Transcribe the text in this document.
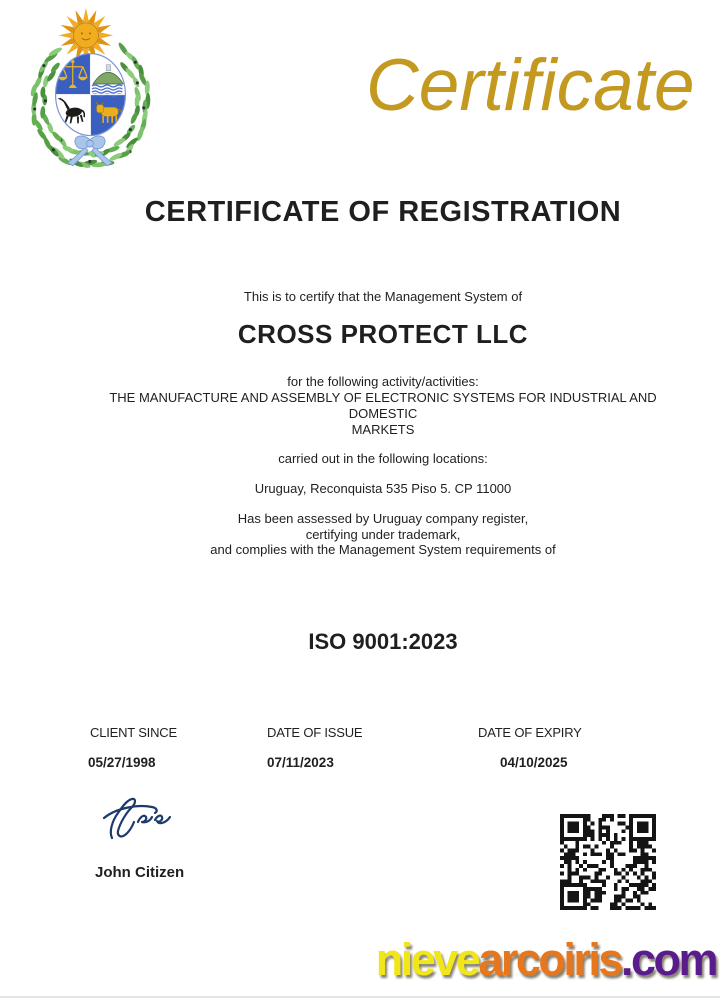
Certificate
CERTIFICATE OF REGISTRATION
This is to certify that the Management System of
CROSS PROTECT LLC
for the following activity/activities:
THE MANUFACTURE AND ASSEMBLY OF ELECTRONIC SYSTEMS FOR INDUSTRIAL AND
DOMESTIC
MARKETS
carried out in the following locations:
Uruguay, Reconquista 535 Piso 5. CP 11000
Has been assessed by Uruguay company register,
certifying under trademark,
and complies with the Management System requirements of
ISO 9001:2023
CLIENT SINCE	DATE OF ISSUE	DATE OF EXPIRY
05/27/1998	07/11/2023	04/10/2025
John Citizen
nievearcoiris.com
